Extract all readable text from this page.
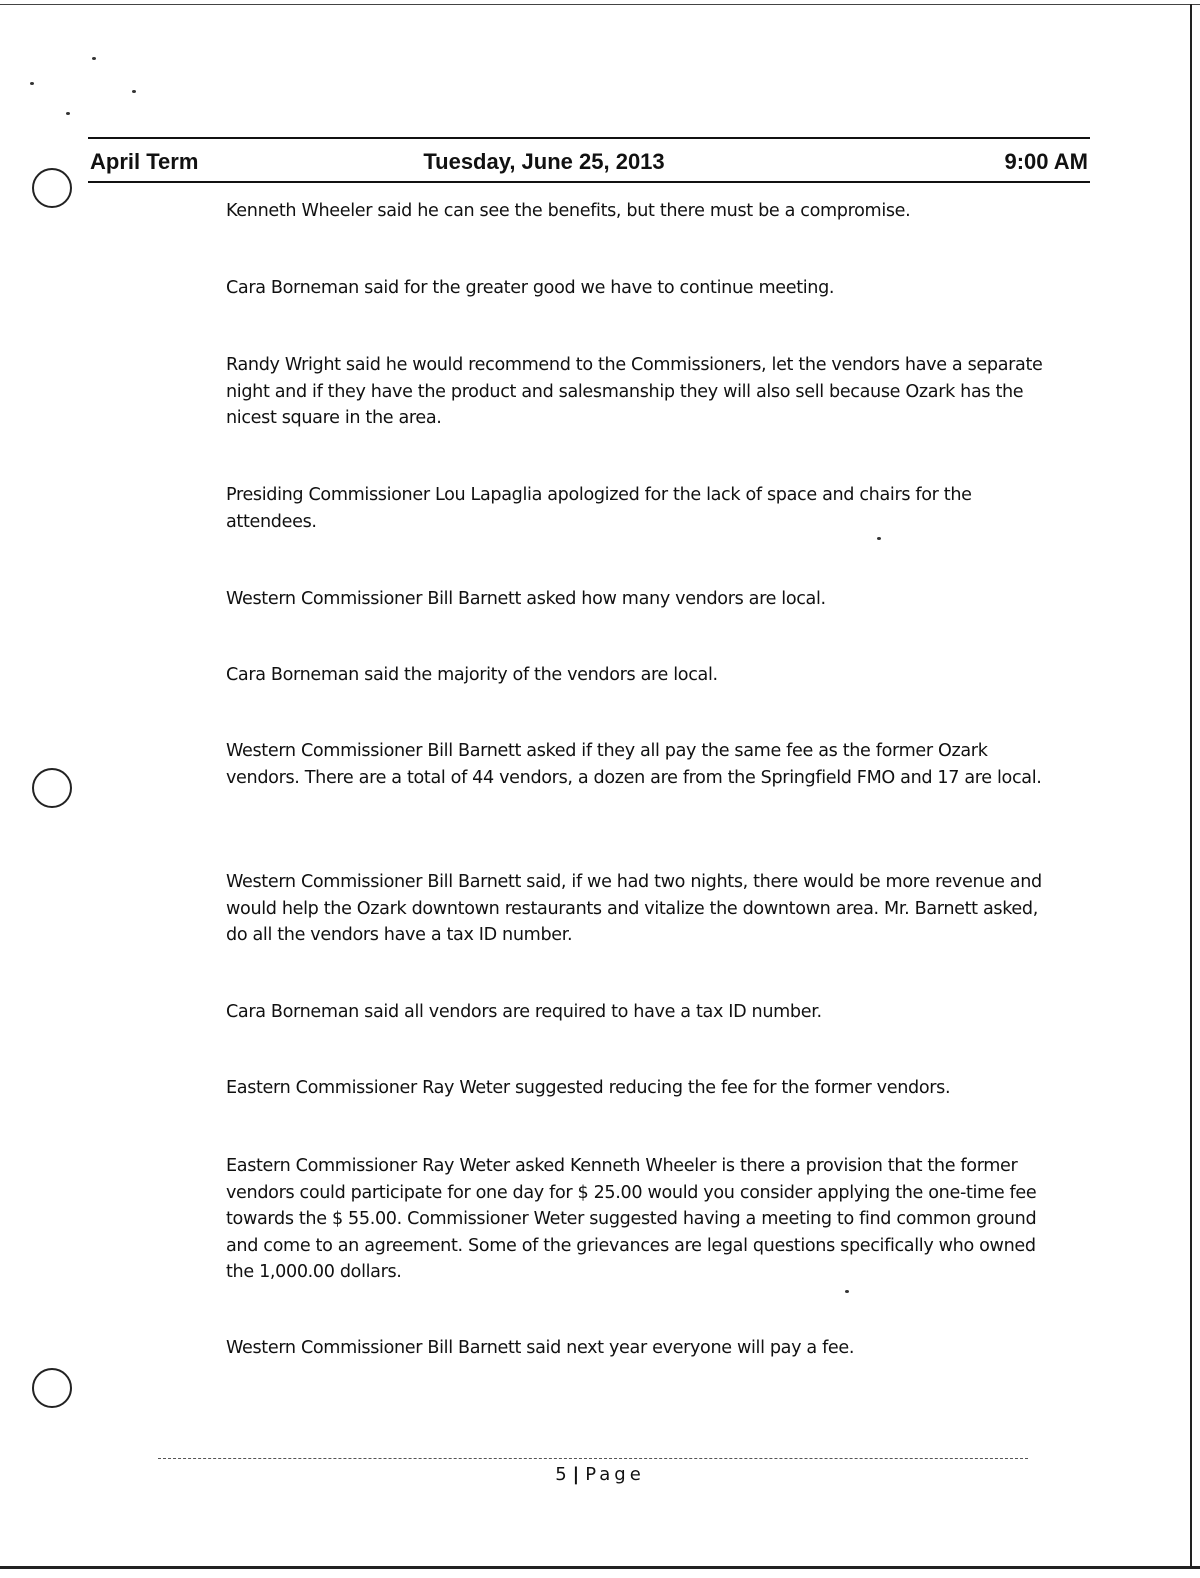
April Term	Tuesday, June 25, 2013	9:00 AM

Kenneth Wheeler said he can see the benefits, but there must be a compromise.

Cara Borneman said for the greater good we have to continue meeting.

Randy Wright said he would recommend to the Commissioners, let the vendors have a separate night and if they have the product and salesmanship they will also sell because Ozark has the nicest square in the area.

Presiding Commissioner Lou Lapaglia apologized for the lack of space and chairs for the attendees.

Western Commissioner Bill Barnett asked how many vendors are local.

Cara Borneman said the majority of the vendors are local.

Western Commissioner Bill Barnett asked if they all pay the same fee as the former Ozark vendors. There are a total of 44 vendors, a dozen are from the Springfield FMO and 17 are local.

Western Commissioner Bill Barnett said, if we had two nights, there would be more revenue and would help the Ozark downtown restaurants and vitalize the downtown area. Mr. Barnett asked, do all the vendors have a tax ID number.

Cara Borneman said all vendors are required to have a tax ID number.

Eastern Commissioner Ray Weter suggested reducing the fee for the former vendors.

Eastern Commissioner Ray Weter asked Kenneth Wheeler is there a provision that the former vendors could participate for one day for $ 25.00 would you consider applying the one-time fee towards the $ 55.00. Commissioner Weter suggested having a meeting to find common ground and come to an agreement. Some of the grievances are legal questions specifically who owned the 1,000.00 dollars.

Western Commissioner Bill Barnett said next year everyone will pay a fee.

5 | Page
